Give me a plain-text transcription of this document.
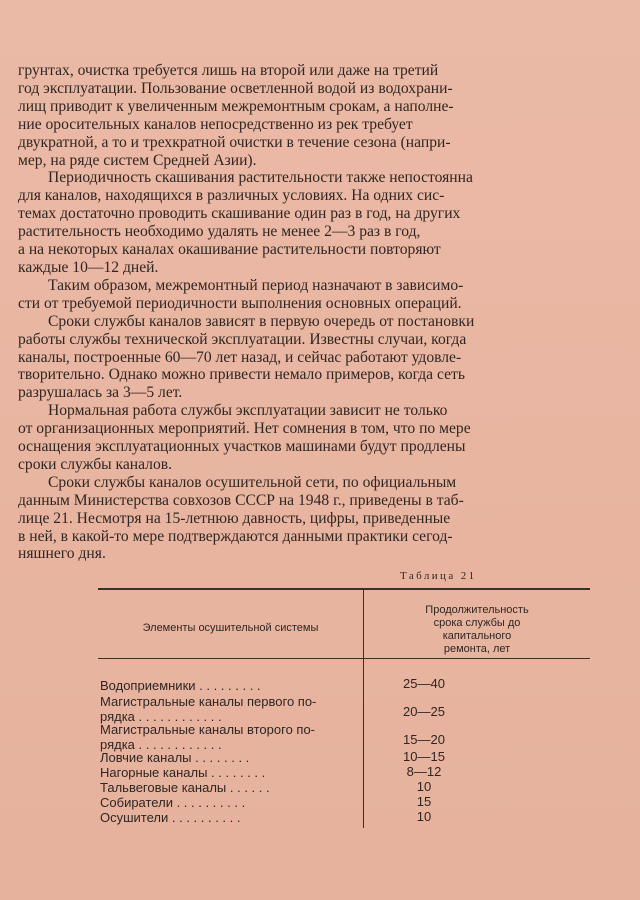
грунтах, очистка требуется лишь на второй или даже на третий
год эксплуатации. Пользование осветленной водой из водохрани-
лищ приводит к увеличенным межремонтным срокам, а наполне-
ние оросительных каналов непосредственно из рек требует
двукратной, а то и трехкратной очистки в течение сезона (напри-
мер, на ряде систем Средней Азии).

Периодичность скашивания растительности также непостоянна
для каналов, находящихся в различных условиях. На одних сис-
темах достаточно проводить скашивание один раз в год, на других
растительность необходимо удалять не менее 2—3 раз в год,
а на некоторых каналах окашивание растительности повторяют
каждые 10—12 дней.

Таким образом, межремонтный период назначают в зависимо-
сти от требуемой периодичности выполнения основных операций.

Сроки службы каналов зависят в первую очередь от постановки
работы службы технической эксплуатации. Известны случаи, когда
каналы, построенные 60—70 лет назад, и сейчас работают удовле-
творительно. Однако можно привести немало примеров, когда сеть
разрушалась за 3—5 лет.

Нормальная работа службы эксплуатации зависит не только
от организационных мероприятий. Нет сомнения в том, что по мере
оснащения эксплуатационных участков машинами будут продлены
сроки службы каналов.

Сроки службы каналов осушительной сети, по официальным
данным Министерства совхозов СССР на 1948 г., приведены в таб-
лице 21. Несмотря на 15-летнюю давность, цифры, приведенные
в ней, в какой-то мере подтверждаются данными практики сегод-
няшнего дня.

Таблица 21
Элементы осушительной системы
Продолжительность
срока службы до
капитального
ремонта, лет
Водоприемники . . . . . . . . .	25—40
Магистральные каналы первого по-
рядка . . . . . . . . . . . .	20—25
Магистральные каналы второго по-
рядка . . . . . . . . . . . .	15—20
Ловчие каналы . . . . . . . .	10—15
Нагорные каналы . . . . . . . .	8—12
Тальвеговые каналы . . . . . .	10
Собиратели . . . . . . . . . .	15
Осушители . . . . . . . . . .	10
